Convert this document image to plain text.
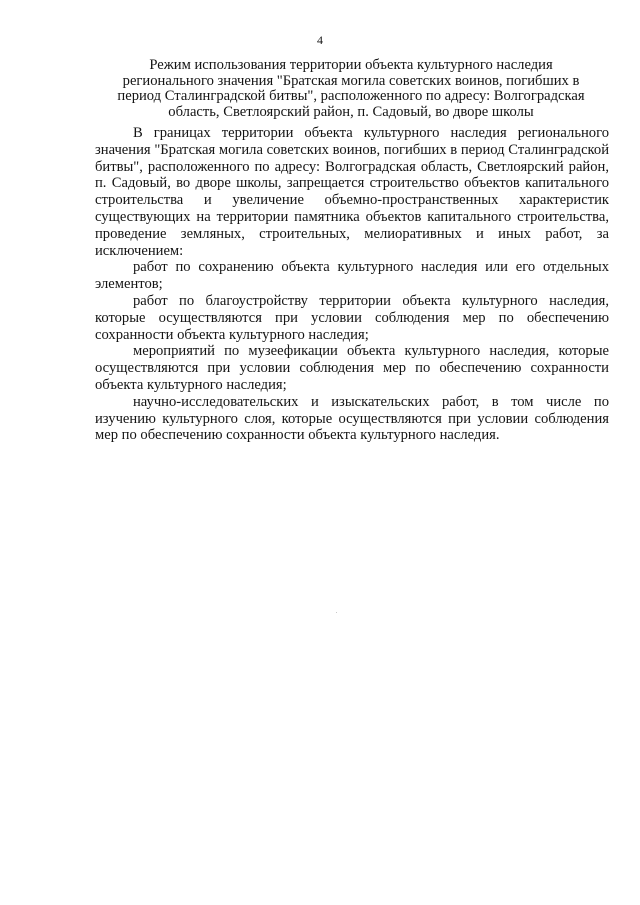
4
Режим использования территории объекта культурного наследия
регионального значения "Братская могила советских воинов, погибших в
период Сталинградской битвы", расположенного по адресу: Волгоградская
область, Светлоярский район, п. Садовый, во дворе школы

В границах территории объекта культурного наследия регионального значения "Братская могила советских воинов, погибших в период Сталинградской битвы", расположенного по адресу: Волгоградская область, Светлоярский район, п. Садовый, во дворе школы, запрещается строительство объектов капитального строительства и увеличение объемно-пространственных характеристик существующих на территории памятника объектов капитального строительства, проведение земляных, строительных, мелиоративных и иных работ, за исключением:

работ по сохранению объекта культурного наследия или его отдельных элементов;

работ по благоустройству территории объекта культурного наследия, которые осуществляются при условии соблюдения мер по обеспечению сохранности объекта культурного наследия;

мероприятий по музеефикации объекта культурного наследия, которые осуществляются при условии соблюдения мер по обеспечению сохранности объекта культурного наследия;

научно-исследовательских и изыскательских работ, в том числе по изучению культурного слоя, которые осуществляются при условии соблюдения мер по обеспечению сохранности объекта культурного наследия.
